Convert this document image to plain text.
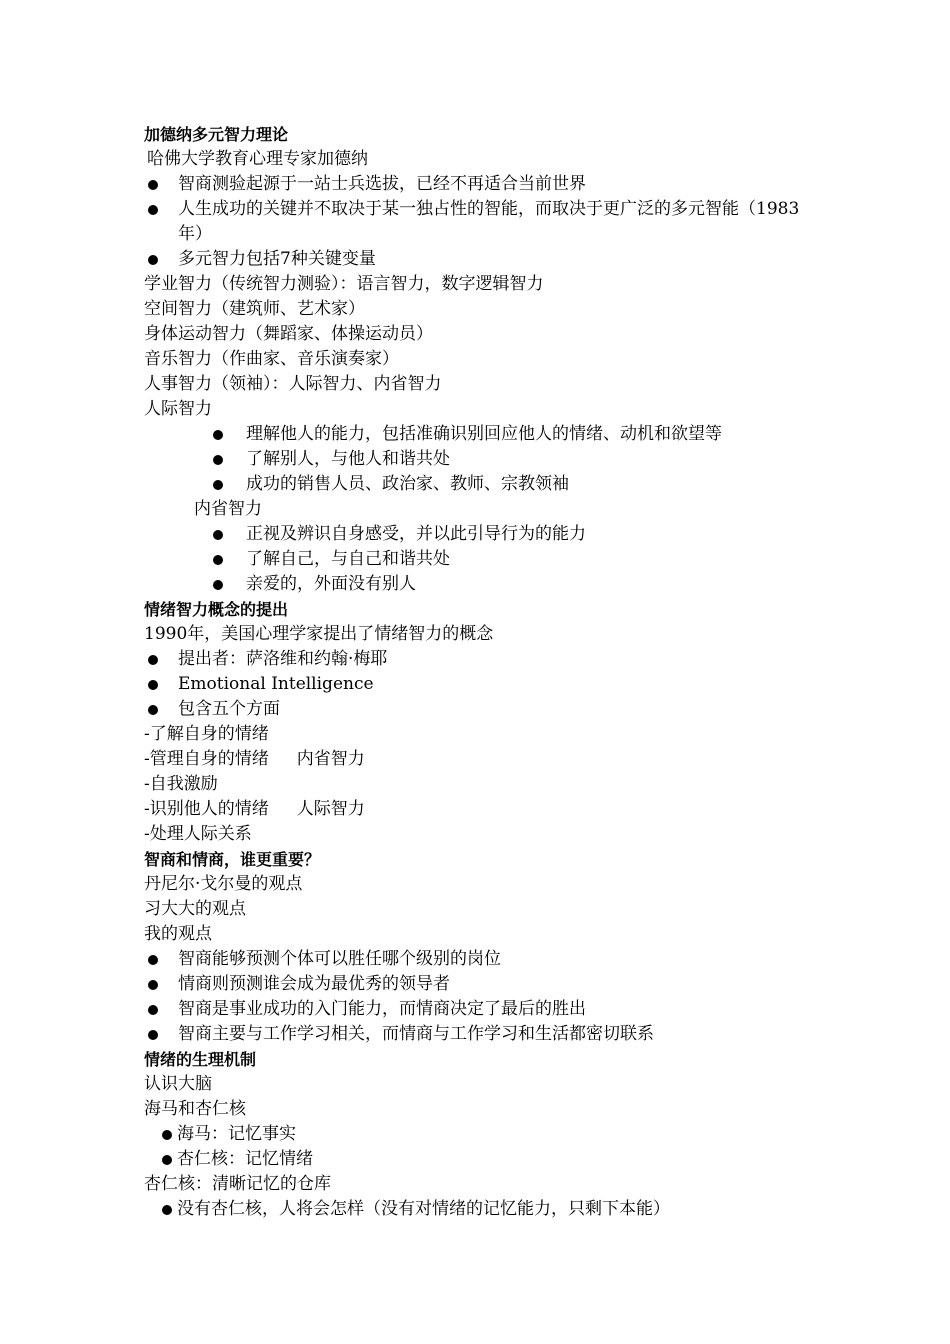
加德纳多元智力理论
哈佛大学教育心理专家加德纳
智商测验起源于一站士兵选拔，已经不再适合当前世界
人生成功的关键并不取决于某一独占性的智能，而取决于更广泛的多元智能（1983年）
多元智力包括7种关键变量
学业智力（传统智力测验）：语言智力，数字逻辑智力
空间智力（建筑师、艺术家）
身体运动智力（舞蹈家、体操运动员）
音乐智力（作曲家、音乐演奏家）
人事智力（领袖）：人际智力、内省智力
人际智力
理解他人的能力，包括准确识别回应他人的情绪、动机和欲望等
了解别人，与他人和谐共处
成功的销售人员、政治家、教师、宗教领袖
内省智力
正视及辨识自身感受，并以此引导行为的能力
了解自己，与自己和谐共处
亲爱的，外面没有别人
情绪智力概念的提出
1990年，美国心理学家提出了情绪智力的概念
提出者：萨洛维和约翰·梅耶
Emotional Intelligence
包含五个方面
-了解自身的情绪
-管理自身的情绪 内省智力
-自我激励
-识别他人的情绪 人际智力
-处理人际关系
智商和情商，谁更重要？
丹尼尔·戈尔曼的观点
习大大的观点
我的观点
智商能够预测个体可以胜任哪个级别的岗位
情商则预测谁会成为最优秀的领导者
智商是事业成功的入门能力，而情商决定了最后的胜出
智商主要与工作学习相关，而情商与工作学习和生活都密切联系
情绪的生理机制
认识大脑
海马和杏仁核
海马：记忆事实
杏仁核：记忆情绪
杏仁核：清晰记忆的仓库
没有杏仁核，人将会怎样（没有对情绪的记忆能力，只剩下本能）
